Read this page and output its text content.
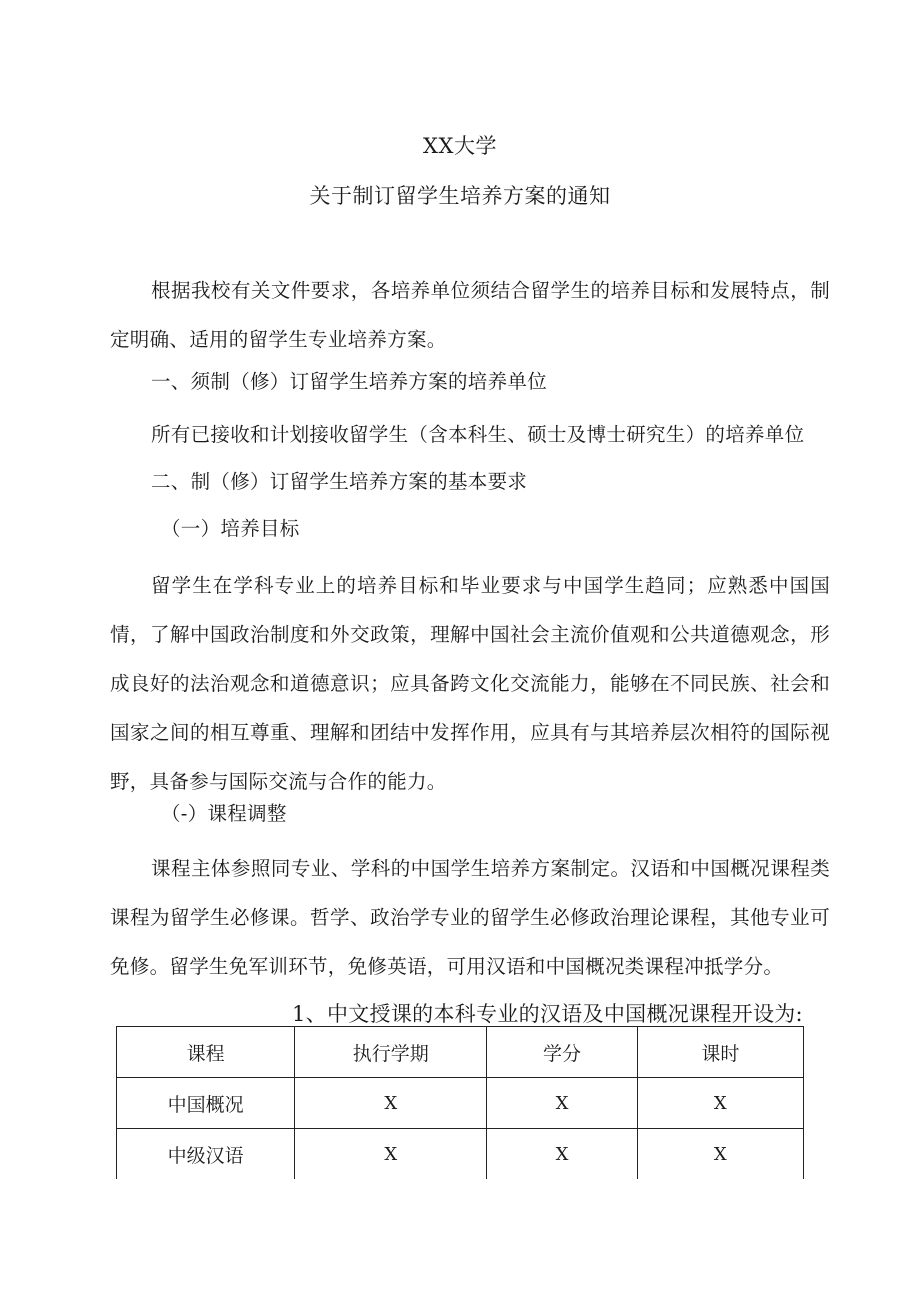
XX大学
关于制订留学生培养方案的通知
根据我校有关文件要求，各培养单位须结合留学生的培养目标和发展特点，制定明确、适用的留学生专业培养方案。
一、须制（修）订留学生培养方案的培养单位
所有已接收和计划接收留学生（含本科生、硕士及博士研究生）的培养单位
二、制（修）订留学生培养方案的基本要求
（一）培养目标
留学生在学科专业上的培养目标和毕业要求与中国学生趋同；应熟悉中国国情，了解中国政治制度和外交政策，理解中国社会主流价值观和公共道德观念，形成良好的法治观念和道德意识；应具备跨文化交流能力，能够在不同民族、社会和国家之间的相互尊重、理解和团结中发挥作用，应具有与其培养层次相符的国际视野，具备参与国际交流与合作的能力。
（-）课程调整
课程主体参照同专业、学科的中国学生培养方案制定。汉语和中国概况课程类课程为留学生必修课。哲学、政治学专业的留学生必修政治理论课程，其他专业可免修。留学生免军训环节，免修英语，可用汉语和中国概况类课程冲抵学分。
1、中文授课的本科专业的汉语及中国概况课程开设为:
课程	执行学期	学分	课时
中国概况	X	X	X
中级汉语	X	X	X
